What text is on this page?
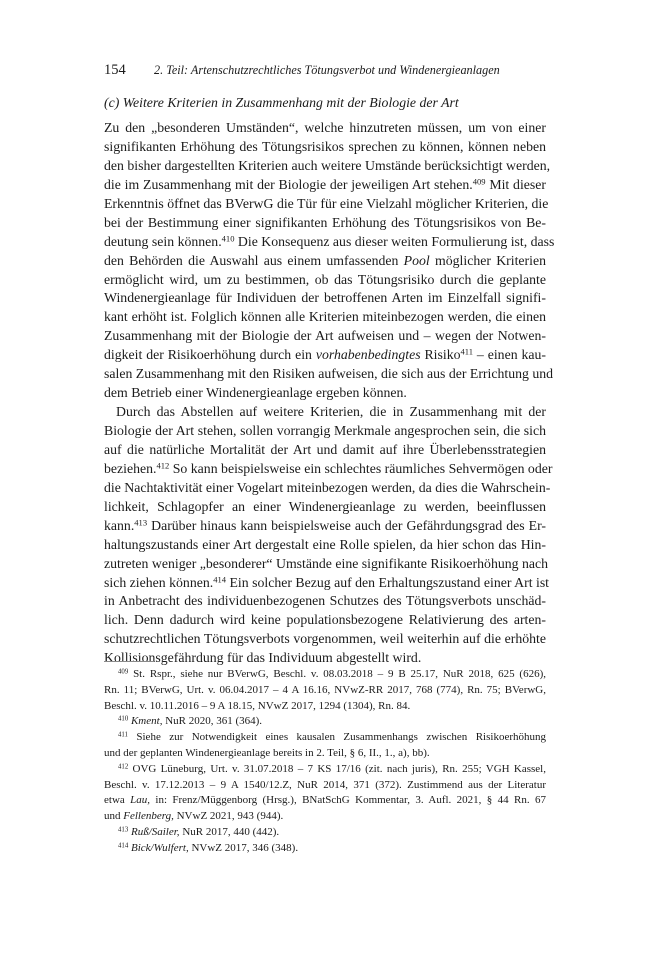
154 2. Teil: Artenschutzrechtliches Tötungsverbot und Windenergieanlagen
(c) Weitere Kriterien in Zusammenhang mit der Biologie der Art
Zu den „besonderen Umständen“, welche hinzutreten müssen, um von einer
signifikanten Erhöhung des Tötungsrisikos sprechen zu können, können neben
den bisher dargestellten Kriterien auch weitere Umstände berücksichtigt werden,
die im Zusammenhang mit der Biologie der jeweiligen Art stehen.$^{409}$ Mit dieser
Erkenntnis öffnet das BVerwG die Tür für eine Vielzahl möglicher Kriterien, die
bei der Bestimmung einer signifikanten Erhöhung des Tötungsrisikos von Be-
deutung sein können.$^{410}$ Die Konsequenz aus dieser weiten Formulierung ist, dass
den Behörden die Auswahl aus einem umfassenden Pool möglicher Kriterien
ermöglicht wird, um zu bestimmen, ob das Tötungsrisiko durch die geplante
Windenergieanlage für Individuen der betroffenen Arten im Einzelfall signifi-
kant erhöht ist. Folglich können alle Kriterien miteinbezogen werden, die einen
Zusammenhang mit der Biologie der Art aufweisen und – wegen der Notwen-
digkeit der Risikoerhöhung durch ein vorhabenbedingtes Risiko$^{411}$ – einen kau-
salen Zusammenhang mit den Risiken aufweisen, die sich aus der Errichtung und
dem Betrieb einer Windenergieanlage ergeben können.
Durch das Abstellen auf weitere Kriterien, die in Zusammenhang mit der
Biologie der Art stehen, sollen vorrangig Merkmale angesprochen sein, die sich
auf die natürliche Mortalität der Art und damit auf ihre Überlebensstrategien
beziehen.$^{412}$ So kann beispielsweise ein schlechtes räumliches Sehvermögen oder
die Nachtaktivität einer Vogelart miteinbezogen werden, da dies die Wahrschein-
lichkeit, Schlagopfer an einer Windenergieanlage zu werden, beeinflussen
kann.$^{413}$ Darüber hinaus kann beispielsweise auch der Gefährdungsgrad des Er-
haltungszustands einer Art dergestalt eine Rolle spielen, da hier schon das Hin-
zutreten weniger „besonderer“ Umstände eine signifikante Risikoerhöhung nach
sich ziehen können.$^{414}$ Ein solcher Bezug auf den Erhaltungszustand einer Art ist
in Anbetracht des individuenbezogenen Schutzes des Tötungsverbots unschäd-
lich. Denn dadurch wird keine populationsbezogene Relativierung des arten-
schutzrechtlichen Tötungsverbots vorgenommen, weil weiterhin auf die erhöhte
Kollisionsgefährdung für das Individuum abgestellt wird.
$^{409}$ St. Rspr., siehe nur BVerwG, Beschl. v. 08.03.2018 – 9 B 25.17, NuR 2018, 625 (626),
Rn. 11; BVerwG, Urt. v. 06.04.2017 – 4 A 16.16, NVwZ-RR 2017, 768 (774), Rn. 75; BVerwG,
Beschl. v. 10.11.2016 – 9 A 18.15, NVwZ 2017, 1294 (1304), Rn. 84.
$^{410}$ Kment, NuR 2020, 361 (364).
$^{411}$ Siehe zur Notwendigkeit eines kausalen Zusammenhangs zwischen Risikoerhöhung
und der geplanten Windenergieanlage bereits in 2. Teil, § 6, II., 1., a), bb).
$^{412}$ OVG Lüneburg, Urt. v. 31.07.2018 – 7 KS 17/16 (zit. nach juris), Rn. 255; VGH Kassel,
Beschl. v. 17.12.2013 – 9 A 1540/12.Z, NuR 2014, 371 (372). Zustimmend aus der Literatur
etwa Lau, in: Frenz/Müggenborg (Hrsg.), BNatSchG Kommentar, 3. Aufl. 2021, § 44 Rn. 67
und Fellenberg, NVwZ 2021, 943 (944).
$^{413}$ Ruß/Sailer, NuR 2017, 440 (442).
$^{414}$ Bick/Wulfert, NVwZ 2017, 346 (348).
